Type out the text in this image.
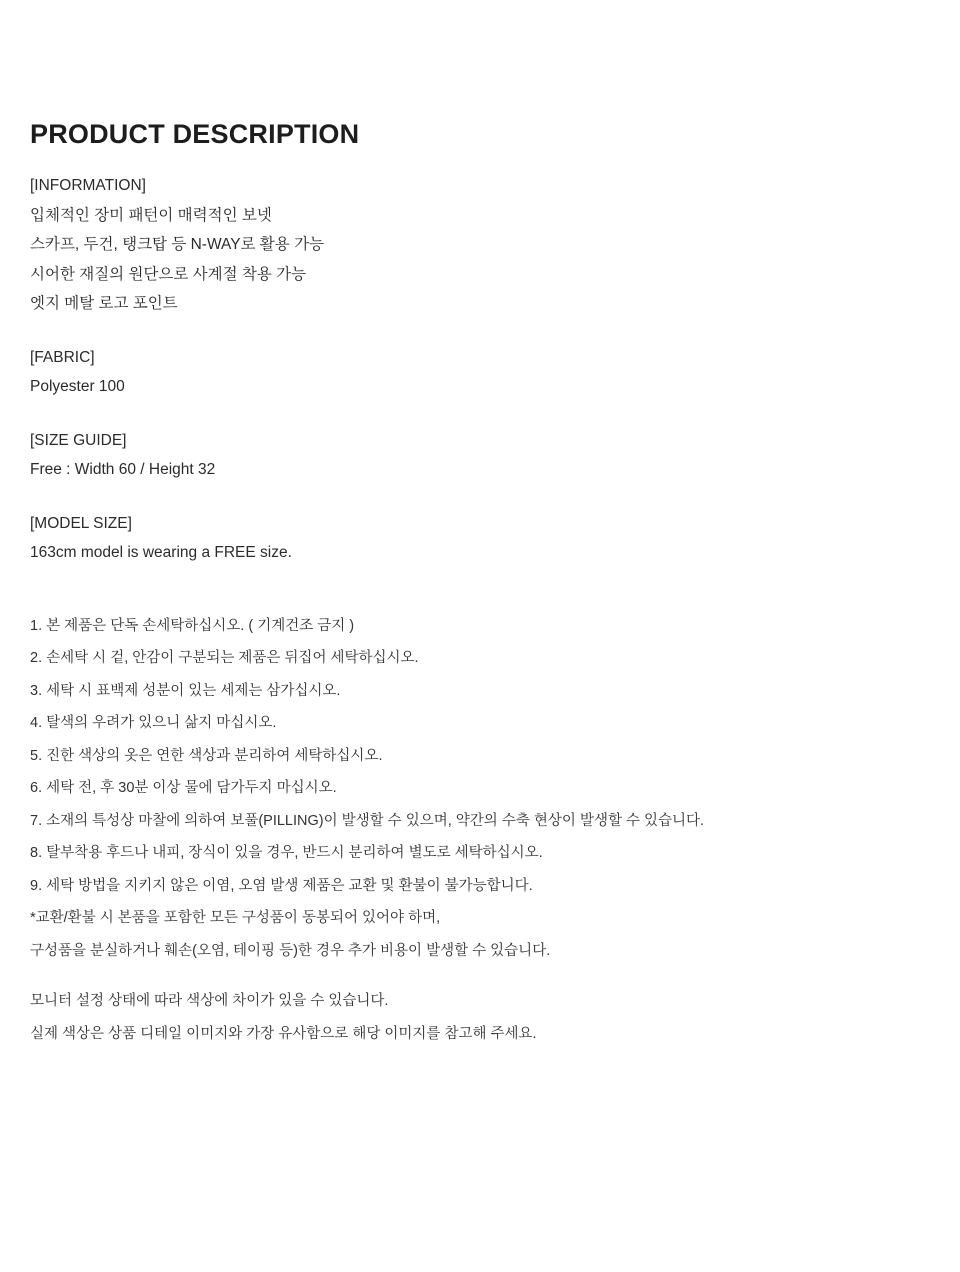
PRODUCT DESCRIPTION

[INFORMATION]

입체적인 장미 패턴이 매력적인 보넷

스카프, 두건, 탱크탑 등 N-WAY로 활용 가능

시어한 재질의 원단으로 사계절 착용 가능

엣지 메탈 로고 포인트

[FABRIC]

Polyester 100

[SIZE GUIDE]

Free : Width 60 / Height 32

[MODEL SIZE]

163cm model is wearing a FREE size.

1. 본 제품은 단독 손세탁하십시오. ( 기계건조 금지 )

2. 손세탁 시 겉, 안감이 구분되는 제품은 뒤집어 세탁하십시오.

3. 세탁 시 표백제 성분이 있는 세제는 삼가십시오.

4. 탈색의 우려가 있으니 삶지 마십시오.

5. 진한 색상의 옷은 연한 색상과 분리하여 세탁하십시오.

6. 세탁 전, 후 30분 이상 물에 담가두지 마십시오.

7. 소재의 특성상 마찰에 의하여 보풀(PILLING)이 발생할 수 있으며, 약간의 수축 현상이 발생할 수 있습니다.

8. 탈부착용 후드나 내피, 장식이 있을 경우, 반드시 분리하여 별도로 세탁하십시오.

9. 세탁 방법을 지키지 않은 이염, 오염 발생 제품은 교환 및 환불이 불가능합니다.

*교환/환불 시 본품을 포함한 모든 구성품이 동봉되어 있어야 하며,

구성품을 분실하거나 훼손(오염, 테이핑 등)한 경우 추가 비용이 발생할 수 있습니다.

모니터 설정 상태에 따라 색상에 차이가 있을 수 있습니다.

실제 색상은 상품 디테일 이미지와 가장 유사함으로 해당 이미지를 참고해 주세요.
